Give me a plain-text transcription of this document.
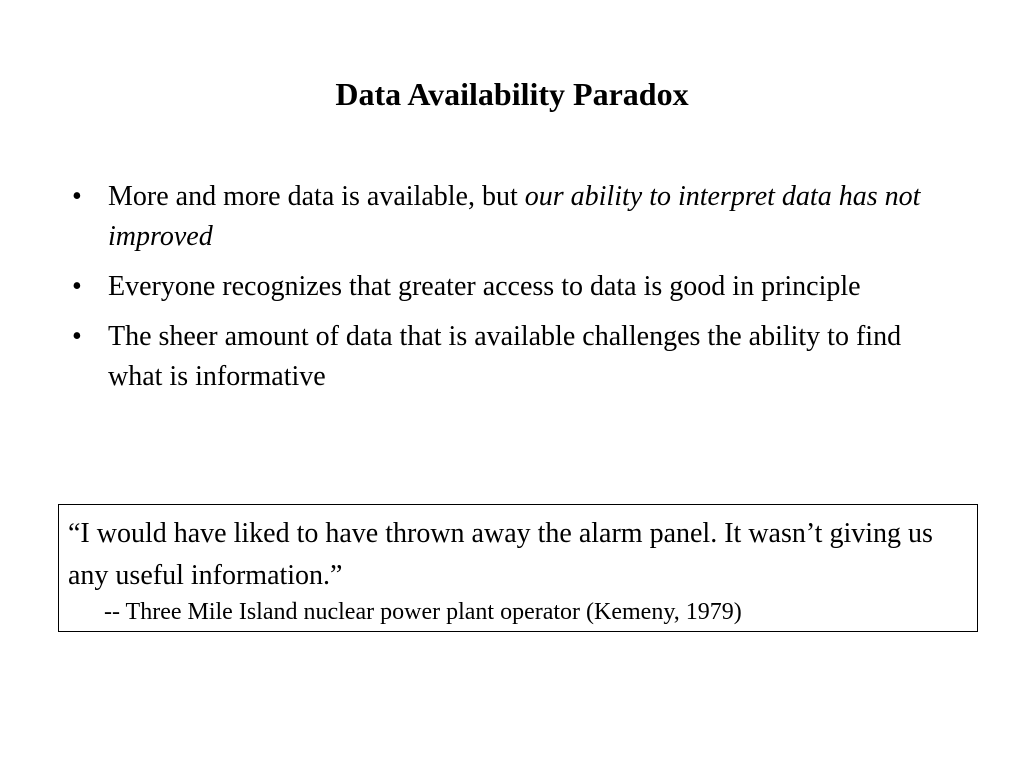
Data Availability Paradox
• More and more data is available, but our ability to interpret data has not improved
• Everyone recognizes that greater access to data is good in principle
• The sheer amount of data that is available challenges the ability to find what is informative

“I would have liked to have thrown away the alarm panel. It wasn’t giving us any useful information.”

-- Three Mile Island nuclear power plant operator (Kemeny, 1979)
